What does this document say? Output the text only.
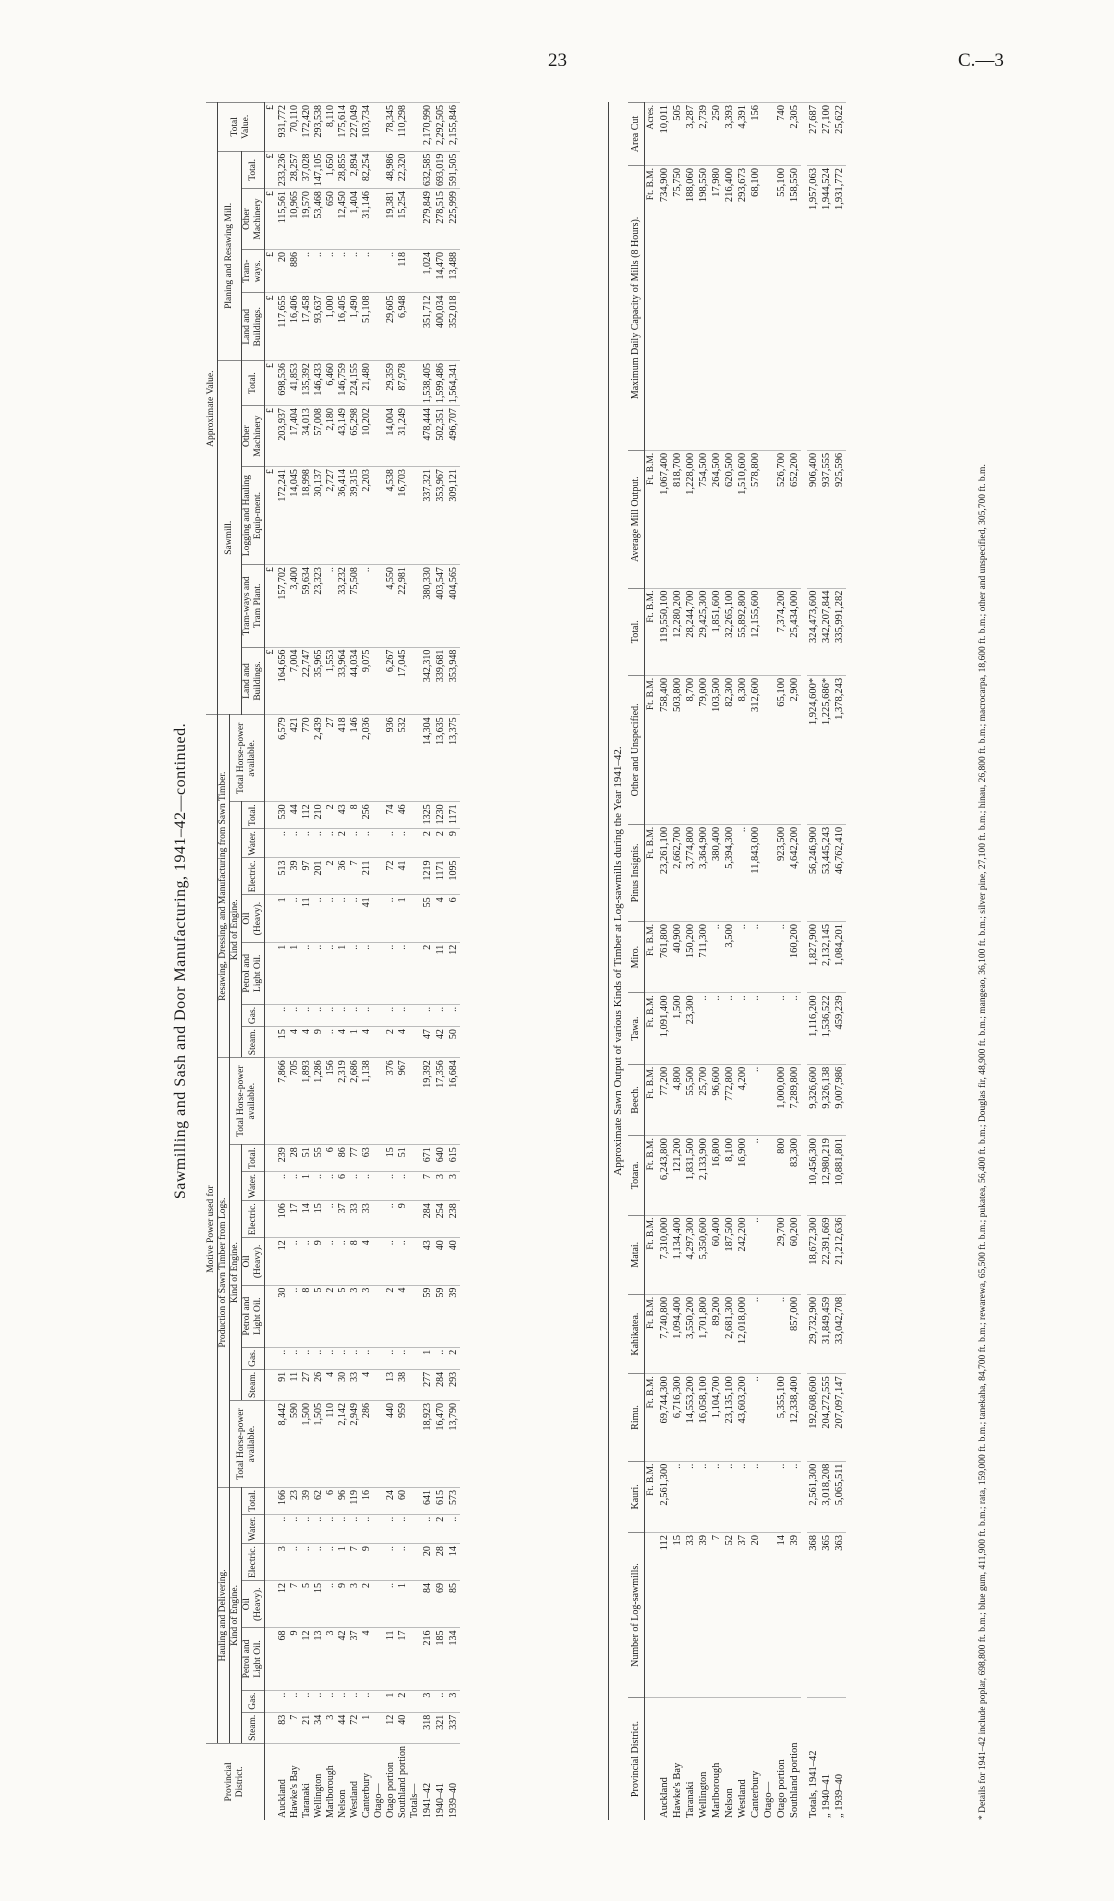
23	C.—3
Sawmilling and Sash and Door Manufacturing, 1941–42—continued.
Provincial District.	Motive Power used for																								Approximate Value.									
	Hauling and Delivering.							Production of Sawn Timber from Logs.									Resawing, Dressing, and Manufacturing from Sawn Timber.								Sawmill.					Planing and Resawing Mill.				Total Value.
	Kind of Engine.							Total Horse-power available.	Kind of Engine.							Total Horse-power available.	Kind of Engine.							Total Horse-power available.										
	Steam.	Gas.	Petrol and Light Oil.	Oil (Heavy).	Electric.	Water.	Total.		Steam.	Gas.	Petrol and Light Oil.	Oil (Heavy).	Electric.	Water.	Total.		Steam.	Gas.	Petrol and Light Oil.	Oil (Heavy).	Electric.	Water.	Total.		Land and Buildings.	Tram-ways and Tram Plant.	Logging and Hauling Equip-ment.	Other Machinery	Total.	Land and Buildings.	Tram-ways.	Other Machinery	Total.	
																									£	£	£	£	£	£	£	£	£	£
Auckland	83	..	68	12	3	..	166	8,442	91	..	30	12	106	..	239	7,866	15	..	1	1	513	..	530	6,579	164,656	157,702	172,241	203,937	698,536	117,655	20	115,561	233,236	931,772
Hawke's Bay	7	..	9	7	..	..	23	590	11	..	..	..	17	..	28	705	4	..	1	..	39	..	44	421	7,004	3,400	14,045	17,404	41,853	16,406	886	10,965	28,257	70,110
Taranaki	21	..	12	5	..	..	39	1,500	27	..	8	..	14	1	51	1,893	4	..	..	11	97	..	112	770	22,747	59,634	18,998	34,013	135,392	17,458	..	19,570	37,028	172,420
Wellington	34	..	13	15	..	..	62	1,505	26	..	5	9	15	..	55	1,286	9	..	..	..	201	..	210	2,439	35,965	23,323	30,137	57,008	146,433	93,637	..	53,468	147,105	293,538
Marlborough	3	..	3	..	..	..	6	110	4	..	2	..	..	..	6	156	..	..	..	..	2	..	2	27	1,553	..	2,727	2,180	6,460	1,000	..	650	1,650	8,110
Nelson	44	..	42	9	1	..	96	2,142	30	..	5	..	37	6	86	2,319	4	..	1	..	36	2	43	418	33,964	33,232	36,414	43,149	146,759	16,405	..	12,450	28,855	175,614
Westland	72	..	37	3	7	..	119	2,949	33	..	3	8	33	..	77	2,686	1	..	..	..	7	..	8	146	44,034	75,508	39,315	65,298	224,155	1,490	..	1,404	2,894	227,049
Canterbury	1	..	4	2	9	..	16	286	4	..	3	4	33	..	63	1,138	4	..	..	41	211	..	256	2,036	9,075	..	2,203	10,202	21,480	51,108	..	31,146	82,254	103,734
Otago—																																		
Otago portion	12	1	11	..	..	..	24	440	13	..	2	..	..	..	15	376	2	..	..	..	72	..	74	936	6,267	4,550	4,538	14,004	29,359	29,605	..	19,381	48,986	78,345
Southland portion	40	2	17	1	..	..	60	959	38	..	4	..	9	..	51	967	4	..	..	1	41	..	46	532	17,045	22,981	16,703	31,249	87,978	6,948	118	15,254	22,320	110,298
Totals—																																		
1941–42	318	3	216	84	20	..	641	18,923	277	1	59	43	284	7	671	19,392	47	..	2	55	1219	2	1325	14,304	342,310	380,330	337,321	478,444	1,538,405	351,712	1,024	279,849	632,585	2,170,990
1940–41	321	..	185	69	28	2	615	16,470	284	..	59	40	254	3	640	17,356	42	..	11	4	1171	2	1230	13,635	339,681	403,547	353,967	502,351	1,599,486	400,034	14,470	278,515	693,019	2,292,505
1939–40	337	3	134	85	14	..	573	13,790	293	2	39	40	238	3	615	16,684	50	..	12	6	1095	9	1171	13,375	353,948	404,565	309,121	496,707	1,564,341	352,018	13,488	225,999	591,505	2,155,846
Approximate Sawn Output of various Kinds of Timber at Log-sawmills during the Year 1941–42.
Provincial District.	Number of Log-sawmills.	Kauri.	Rimu.	Kahikatea.	Matai.	Totara.	Beech.	Tawa.	Miro.	Pinus Insignis.	Other and Unspecified.	Total.	Average Mill Output.	Maximum Daily Capacity of Mills (8 Hours).	Area Cut
		Ft. B.M.	Ft. B.M.	Ft. B.M.	Ft. B.M.	Ft. B.M.	Ft. B.M.	Ft. B.M.	Ft. B.M.	Ft. B.M.	Ft. B.M.	Ft. B.M.	Ft. B.M.	Ft. B.M.	Acres.
Auckland	112	2,561,300	69,744,300	7,740,800	7,310,000	6,243,800	77,200	1,091,400	761,800	23,261,100	758,400	119,550,100	1,067,400	734,900	10,011
Hawke's Bay	15	..	6,716,300	1,094,400	1,134,400	121,200	4,800	1,500	40,900	2,662,700	503,800	12,280,200	818,700	75,750	505
Taranaki	33	..	14,553,200	3,550,200	4,297,300	1,831,500	55,500	23,300	150,200	3,774,800	8,700	28,244,700	1,228,000	188,060	3,287
Wellington	39	..	16,058,100	1,701,800	5,350,600	2,133,900	25,700	..	711,300	3,364,900	79,000	29,425,300	754,500	198,550	2,739
Marlborough	7	..	1,104,700	89,200	60,400	16,800	96,600	..	..	380,400	103,500	1,851,600	264,500	17,980	250
Nelson	52	..	23,135,100	2,681,300	187,500	8,100	772,800	..	3,500	5,394,300	82,300	32,265,100	620,500	216,400	3,393
Westland	37	..	43,603,200	12,018,000	242,200	16,900	4,200	..	..	..	8,300	55,892,800	1,510,600	293,673	4,391
Canterbury	20	..	..	..	..	..	..	..	..	11,843,000	312,600	12,155,600	578,800	68,100	156
Otago—															
Otago portion	14	..	5,355,100	..	29,700	800	1,000,000	..	..	923,500	65,100	7,374,200	526,700	55,100	740
Southland portion	39	..	12,338,400	857,000	60,200	83,300	7,289,800	..	160,200	4,642,200	2,900	25,434,000	652,200	158,550	2,305

Totals, 1941–42	368	2,561,300	192,608,600	29,732,900	18,672,300	10,456,300	9,326,600	1,116,200	1,827,900	56,246,900	1,924,600*	324,473,600	906,400	1,957,063	27,687
„ 1940–41	365	3,018,208	204,272,555	31,849,459	22,391,669	12,980,219	9,326,138	1,536,522	2,132,145	53,445,243	1,225,686*	342,207,844	937,555	1,944,524	27,100
„ 1939–40	363	5,065,511	207,097,147	33,042,708	21,212,636	10,881,801	9,007,986	459,239	1,084,201	46,762,410	1,378,243	335,991,282	925,596	1,931,772	25,622
* Details for 1941–42 include poplar, 698,800 ft. b.m.; blue gum, 411,900 ft. b.m.; rata, 159,000 ft. b.m.; tanekaha, 84,700 ft. b.m.; rewarewa, 65,500 ft. b.m.; pukatea, 56,400 ft. b.m.; Douglas fir, 48,900 ft. b.m.; mangeao, 36,100 ft. b.m.; silver pine, 27,100 ft. b.m.; hinau, 26,800 ft. b.m.; macrocarpa, 18,600 ft. b.m.; other and unspecified, 305,700 ft. b.m.
